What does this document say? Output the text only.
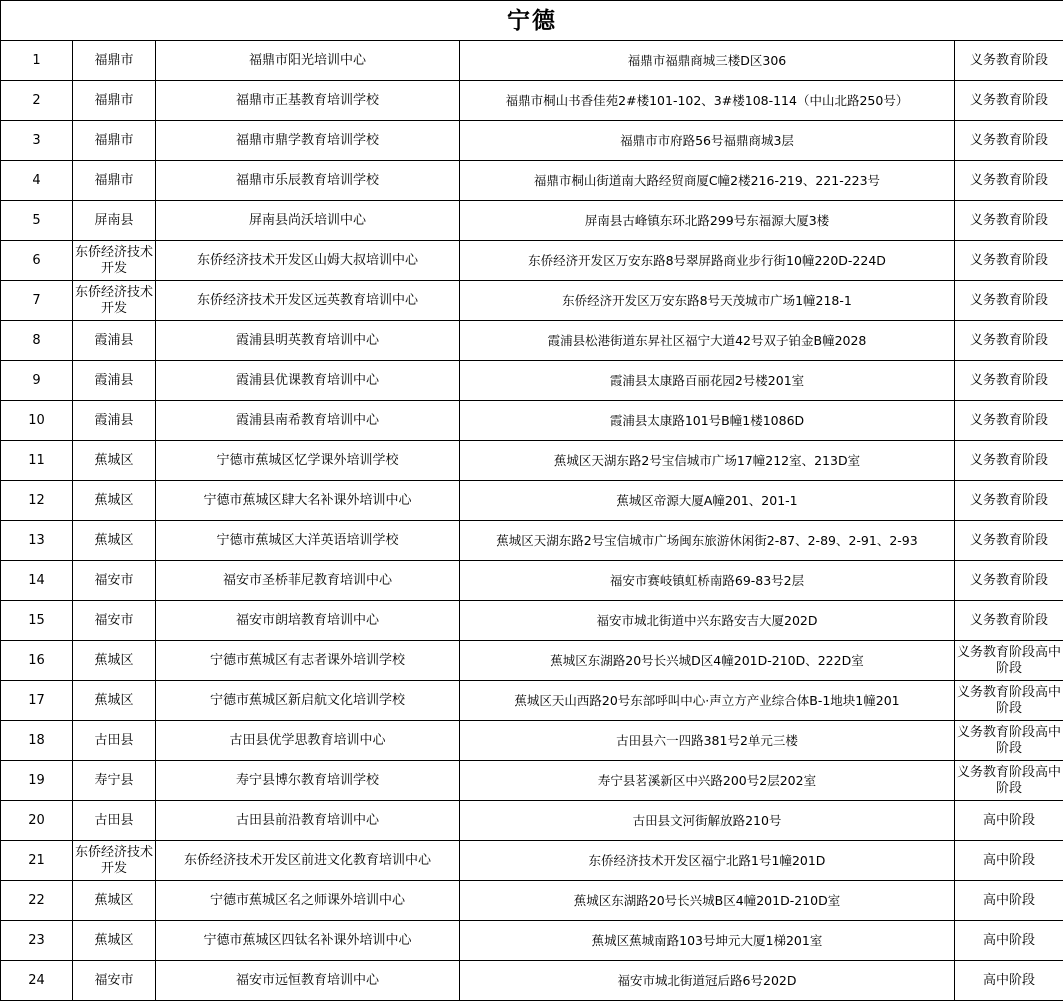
宁德				
1	福鼎市	福鼎市阳光培训中心	福鼎市福鼎商城三楼D区306	义务教育阶段
2	福鼎市	福鼎市正基教育培训学校	福鼎市桐山书香佳苑2#楼101-102、3#楼108-114（中山北路250号）	义务教育阶段
3	福鼎市	福鼎市鼎学教育培训学校	福鼎市市府路56号福鼎商城3层	义务教育阶段
4	福鼎市	福鼎市乐辰教育培训学校	福鼎市桐山街道南大路经贸商厦C幢2楼216-219、221-223号	义务教育阶段
5	屏南县	屏南县尚沃培训中心	屏南县古峰镇东环北路299号东福源大厦3楼	义务教育阶段
6	东侨经济技术开发	东侨经济技术开发区山姆大叔培训中心	东侨经济开发区万安东路8号翠屏路商业步行街10幢220D-224D	义务教育阶段
7	东侨经济技术开发	东侨经济技术开发区远英教育培训中心	东侨经济开发区万安东路8号天茂城市广场1幢218-1	义务教育阶段
8	霞浦县	霞浦县明英教育培训中心	霞浦县松港街道东昇社区福宁大道42号双子铂金B幢2028	义务教育阶段
9	霞浦县	霞浦县优课教育培训中心	霞浦县太康路百丽花园2号楼201室	义务教育阶段
10	霞浦县	霞浦县南希教育培训中心	霞浦县太康路101号B幢1楼1086D	义务教育阶段
11	蕉城区	宁德市蕉城区忆学课外培训学校	蕉城区天湖东路2号宝信城市广场17幢212室、213D室	义务教育阶段
12	蕉城区	宁德市蕉城区肆大名补课外培训中心	蕉城区帝源大厦A幢201、201-1	义务教育阶段
13	蕉城区	宁德市蕉城区大洋英语培训学校	蕉城区天湖东路2号宝信城市广场闽东旅游休闲街2-87、2-89、2-91、2-93	义务教育阶段
14	福安市	福安市圣桥菲尼教育培训中心	福安市赛岐镇虹桥南路69-83号2层	义务教育阶段
15	福安市	福安市朗培教育培训中心	福安市城北街道中兴东路安吉大厦202D	义务教育阶段
16	蕉城区	宁德市蕉城区有志者课外培训学校	蕉城区东湖路20号长兴城D区4幢201D-210D、222D室	义务教育阶段高中阶段
17	蕉城区	宁德市蕉城区新启航文化培训学校	蕉城区天山西路20号东部呼叫中心·声立方产业综合体B-1地块1幢201	义务教育阶段高中阶段
18	古田县	古田县优学思教育培训中心	古田县六一四路381号2单元三楼	义务教育阶段高中阶段
19	寿宁县	寿宁县博尔教育培训学校	寿宁县茗溪新区中兴路200号2层202室	义务教育阶段高中阶段
20	古田县	古田县前沿教育培训中心	古田县文河街解放路210号	高中阶段
21	东侨经济技术开发	东侨经济技术开发区前进文化教育培训中心	东侨经济技术开发区福宁北路1号1幢201D	高中阶段
22	蕉城区	宁德市蕉城区名之师课外培训中心	蕉城区东湖路20号长兴城B区4幢201D-210D室	高中阶段
23	蕉城区	宁德市蕉城区四钛名补课外培训中心	蕉城区蕉城南路103号坤元大厦1梯201室	高中阶段
24	福安市	福安市远恒教育培训中心	福安市城北街道冠后路6号202D	高中阶段
